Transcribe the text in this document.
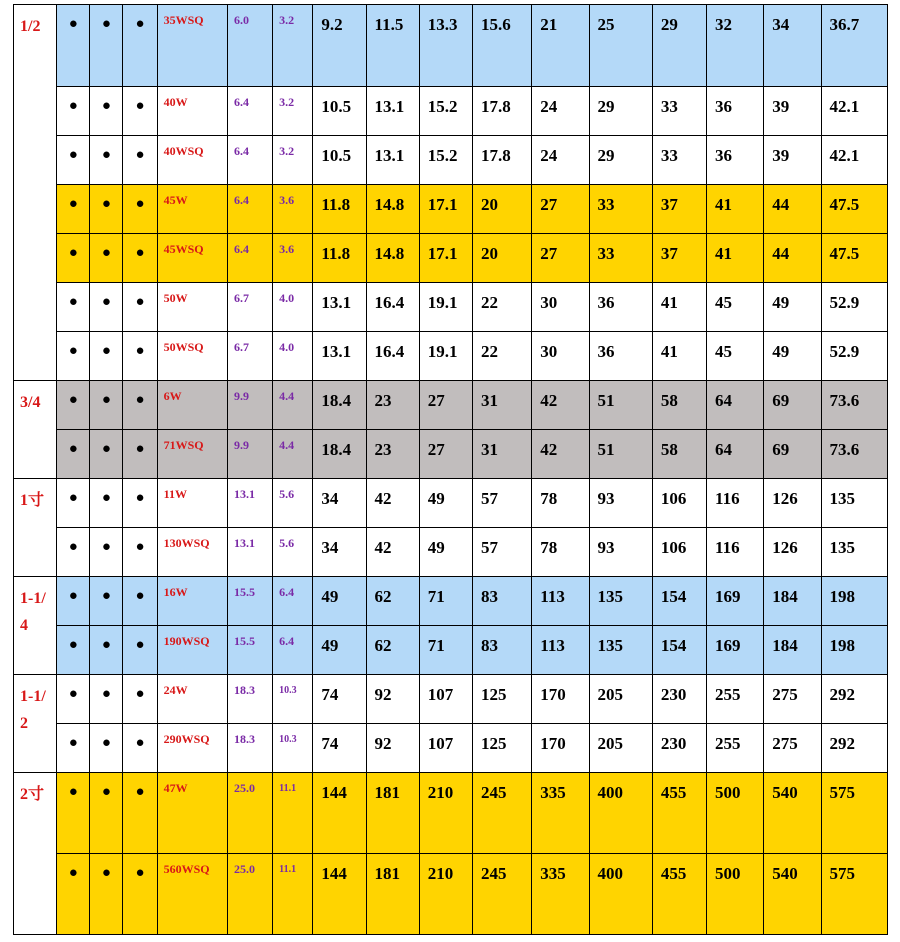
1/2	●	●	●	35WSQ	6.0	3.2	9.2	11.5	13.3	15.6	21	25	29	32	34	36.7
	●	●	●	40W	6.4	3.2	10.5	13.1	15.2	17.8	24	29	33	36	39	42.1
	●	●	●	40WSQ	6.4	3.2	10.5	13.1	15.2	17.8	24	29	33	36	39	42.1
	●	●	●	45W	6.4	3.6	11.8	14.8	17.1	20	27	33	37	41	44	47.5
	●	●	●	45WSQ	6.4	3.6	11.8	14.8	17.1	20	27	33	37	41	44	47.5
	●	●	●	50W	6.7	4.0	13.1	16.4	19.1	22	30	36	41	45	49	52.9
	●	●	●	50WSQ	6.7	4.0	13.1	16.4	19.1	22	30	36	41	45	49	52.9
3/4	●	●	●	6W	9.9	4.4	18.4	23	27	31	42	51	58	64	69	73.6
	●	●	●	71WSQ	9.9	4.4	18.4	23	27	31	42	51	58	64	69	73.6
1寸	●	●	●	11W	13.1	5.6	34	42	49	57	78	93	106	116	126	135
	●	●	●	130WSQ	13.1	5.6	34	42	49	57	78	93	106	116	126	135
1-1/4	●	●	●	16W	15.5	6.4	49	62	71	83	113	135	154	169	184	198
	●	●	●	190WSQ	15.5	6.4	49	62	71	83	113	135	154	169	184	198
1-1/2	●	●	●	24W	18.3	10.3	74	92	107	125	170	205	230	255	275	292
	●	●	●	290WSQ	18.3	10.3	74	92	107	125	170	205	230	255	275	292
2寸	●	●	●	47W	25.0	11.1	144	181	210	245	335	400	455	500	540	575
	●	●	●	560WSQ	25.0	11.1	144	181	210	245	335	400	455	500	540	575
